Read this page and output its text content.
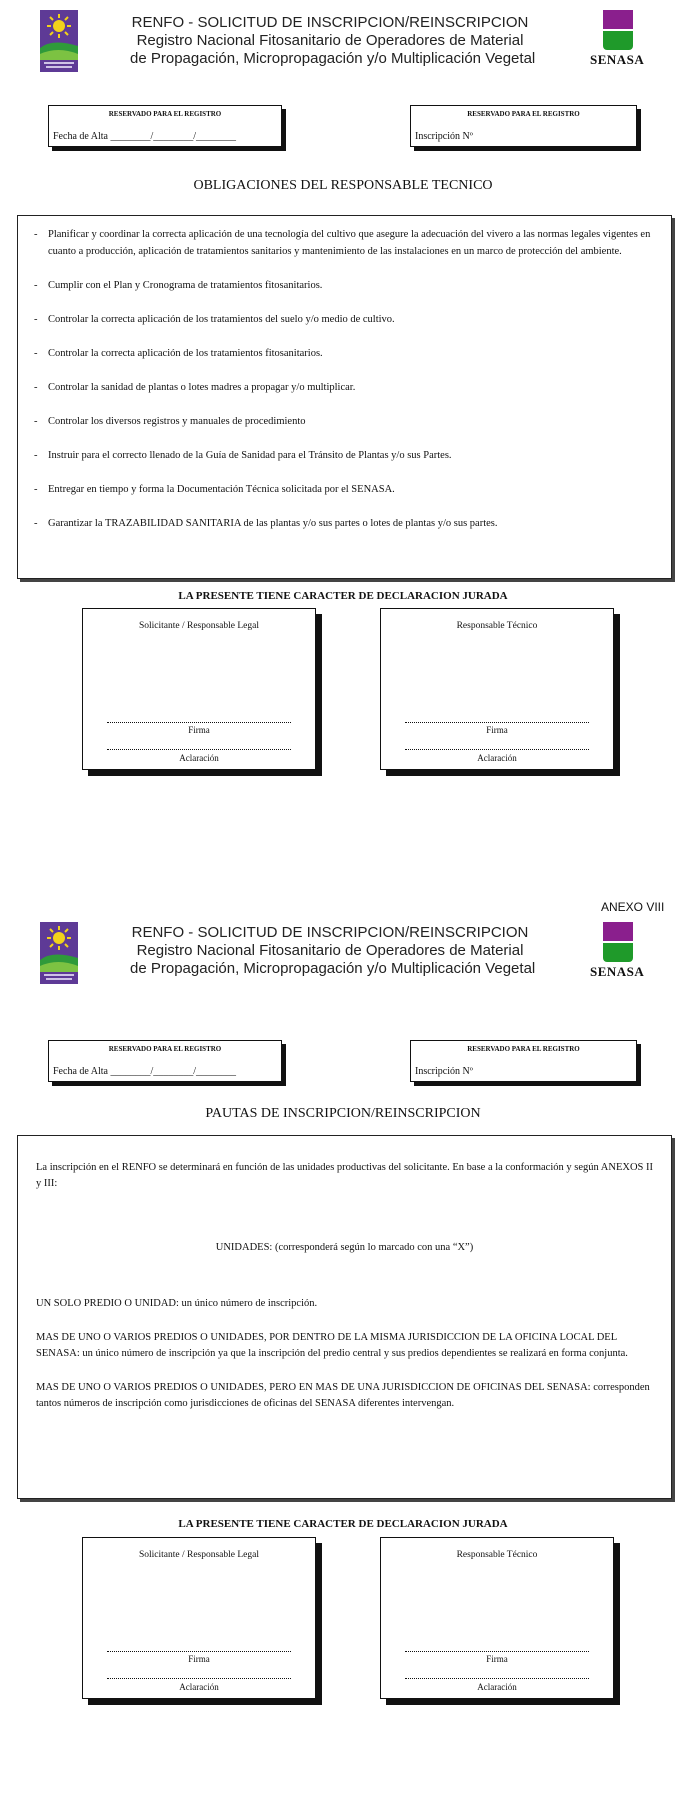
RENFO - SOLICITUD DE INSCRIPCION/REINSCRIPCION
Registro Nacional Fitosanitario de Operadores de Material
de Propagación, Micropropagación y/o Multiplicación Vegetal	SENASA
RESERVADO PARA EL REGISTRO
Fecha de Alta ________/________/________
RESERVADO PARA EL REGISTRO
Inscripción Nº
OBLIGACIONES DEL RESPONSABLE TECNICO
- Planificar y coordinar la correcta aplicación de una tecnología del cultivo que asegure la adecuación del vivero a las normas legales vigentes en cuanto a producción, aplicación de tratamientos sanitarios y mantenimiento de las instalaciones en un marco de protección del ambiente.
- Cumplir con el Plan y Cronograma de tratamientos fitosanitarios.
- Controlar la correcta aplicación de los tratamientos del suelo y/o medio de cultivo.
- Controlar la correcta aplicación de los tratamientos fitosanitarios.
- Controlar la sanidad de plantas o lotes madres a propagar y/o multiplicar.
- Controlar los diversos registros y manuales de procedimiento
- Instruir para el correcto llenado de la Guía de Sanidad para el Tránsito de Plantas y/o sus Partes.
- Entregar en tiempo y forma la Documentación Técnica solicitada por el SENASA.
- Garantizar la TRAZABILIDAD SANITARIA de las plantas y/o sus partes o lotes de plantas y/o sus partes.
LA PRESENTE TIENE CARACTER DE DECLARACION JURADA
Solicitante / Responsable Legal
Firma
Aclaración
Responsable Técnico
Firma
Aclaración
ANEXO VIII
RENFO - SOLICITUD DE INSCRIPCION/REINSCRIPCION
Registro Nacional Fitosanitario de Operadores de Material
de Propagación, Micropropagación y/o Multiplicación Vegetal	SENASA
RESERVADO PARA EL REGISTRO
Fecha de Alta ________/________/________
RESERVADO PARA EL REGISTRO
Inscripción Nº
PAUTAS DE INSCRIPCION/REINSCRIPCION

La inscripción en el RENFO se determinará en función de las unidades productivas del solicitante. En base a la conformación y según ANEXOS II y III:

UNIDADES: (corresponderá según lo marcado con una “X”)

UN SOLO PREDIO O UNIDAD: un único número de inscripción.

MAS DE UNO O VARIOS PREDIOS O UNIDADES, POR DENTRO DE LA MISMA JURISDICCION DE LA OFICINA LOCAL DEL SENASA: un único número de inscripción ya que la inscripción del predio central y sus predios dependientes se realizará en forma conjunta.

MAS DE UNO O VARIOS PREDIOS O UNIDADES, PERO EN MAS DE UNA JURISDICCION DE OFICINAS DEL SENASA: corresponden tantos números de inscripción como jurisdicciones de oficinas del SENASA diferentes intervengan.

LA PRESENTE TIENE CARACTER DE DECLARACION JURADA
Solicitante / Responsable Legal
Firma
Aclaración
Responsable Técnico
Firma
Aclaración
